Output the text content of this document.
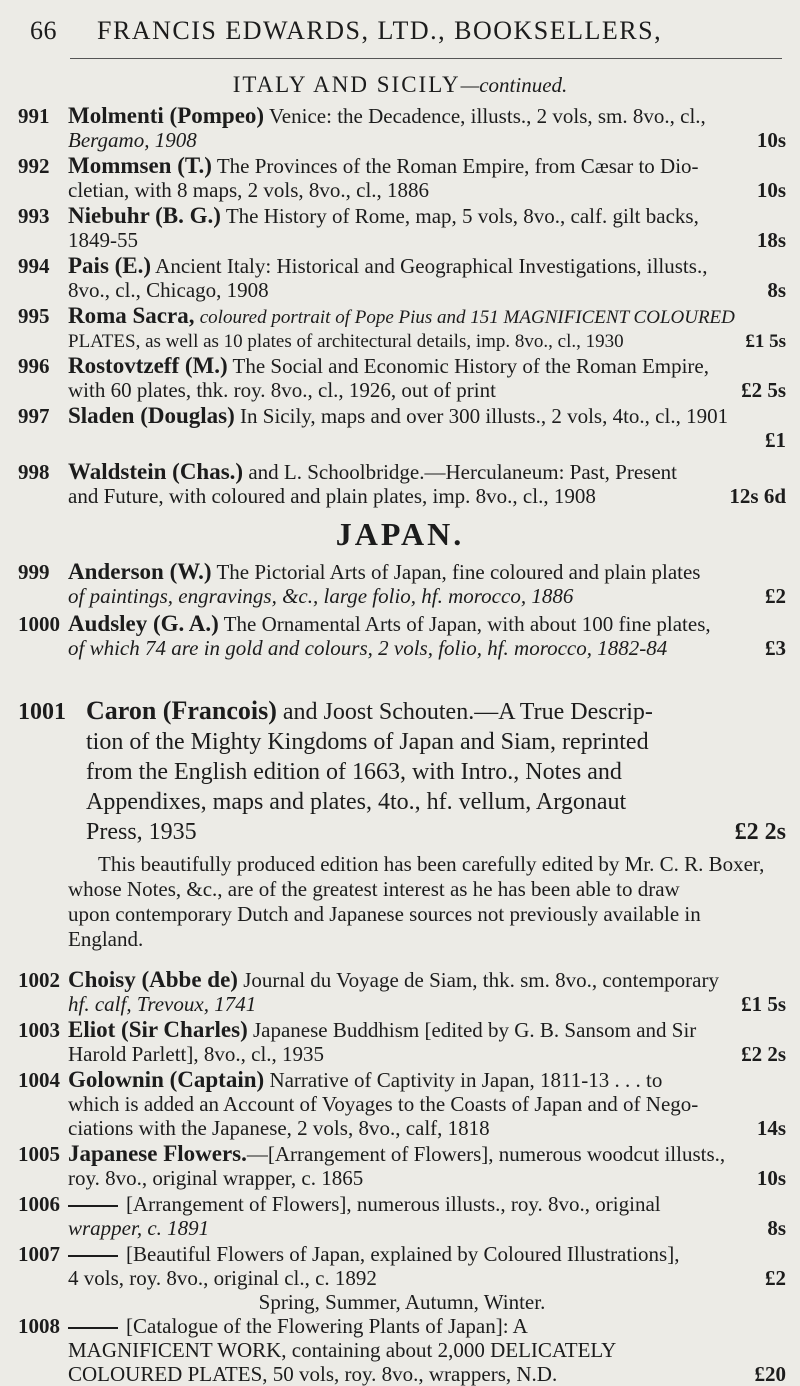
66 FRANCIS EDWARDS, LTD., BOOKSELLERS,
ITALY AND SICILY—continued.
991 Molmenti (Pompeo) Venice: the Decadence, illusts., 2 vols, sm. 8vo., cl.,
Bergamo, 1908	10s
992 Mommsen (T.) The Provinces of the Roman Empire, from Cæsar to Dio-
cletian, with 8 maps, 2 vols, 8vo., cl., 1886	10s
993 Niebuhr (B. G.) The History of Rome, map, 5 vols, 8vo., calf. gilt backs,
1849-55	18s
994 Pais (E.) Ancient Italy: Historical and Geographical Investigations, illusts.,
8vo., cl., Chicago, 1908	8s
995 Roma Sacra, coloured portrait of Pope Pius and 151 MAGNIFICENT COLOURED
PLATES, as well as 10 plates of architectural details, imp. 8vo., cl., 1930	£1 5s
996 Rostovtzeff (M.) The Social and Economic History of the Roman Empire,
with 60 plates, thk. roy. 8vo., cl., 1926, out of print	£2 5s
997 Sladen (Douglas) In Sicily, maps and over 300 illusts., 2 vols, 4to., cl., 1901
£1

998 Waldstein (Chas.) and L. Schoolbridge.—Herculaneum: Past, Present
and Future, with coloured and plain plates, imp. 8vo., cl., 1908	12s 6d
JAPAN.
999 Anderson (W.) The Pictorial Arts of Japan, fine coloured and plain plates
of paintings, engravings, &c., large folio, hf. morocco, 1886	£2
1000 Audsley (G. A.) The Ornamental Arts of Japan, with about 100 fine plates,
of which 74 are in gold and colours, 2 vols, folio, hf. morocco, 1882-84	£3
1001 Caron (Francois) and Joost Schouten.—A True Descrip-
tion of the Mighty Kingdoms of Japan and Siam, reprinted
from the English edition of 1663, with Intro., Notes and
Appendixes, maps and plates, 4to., hf. vellum, Argonaut
Press, 1935	£2 2s
This beautifully produced edition has been carefully edited by Mr. C. R. Boxer,
whose Notes, &c., are of the greatest interest as he has been able to draw
upon contemporary Dutch and Japanese sources not previously available in
England.
1002 Choisy (Abbe de) Journal du Voyage de Siam, thk. sm. 8vo., contemporary
hf. calf, Trevoux, 1741	£1 5s
1003 Eliot (Sir Charles) Japanese Buddhism [edited by G. B. Sansom and Sir
Harold Parlett], 8vo., cl., 1935	£2 2s
1004 Golownin (Captain) Narrative of Captivity in Japan, 1811-13 . . . to
which is added an Account of Voyages to the Coasts of Japan and of Nego-
ciations with the Japanese, 2 vols, 8vo., calf, 1818	14s
1005 Japanese Flowers.—[Arrangement of Flowers], numerous woodcut illusts.,
roy. 8vo., original wrapper, c. 1865	10s
1006	[Arrangement of Flowers], numerous illusts., roy. 8vo., original
wrapper, c. 1891	8s
1007	[Beautiful Flowers of Japan, explained by Coloured Illustrations],
4 vols, roy. 8vo., original cl., c. 1892	£2
Spring, Summer, Autumn, Winter.
1008	[Catalogue of the Flowering Plants of Japan]: A
MAGNIFICENT WORK, containing about 2,000 DELICATELY
COLOURED PLATES, 50 vols, roy. 8vo., wrappers, N.D.	£20
